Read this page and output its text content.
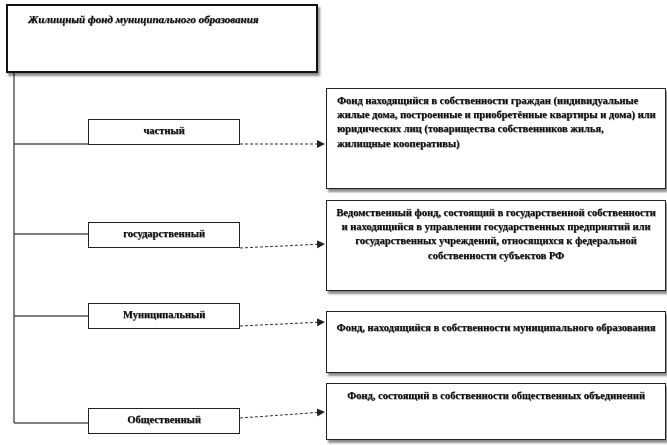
Жилищный фонд муниципального образования
частный
государственный
Муниципальный
Общественный
Фонд находящийся в собственности граждан (индивидуальные жилые дома, построенные и приобретённые квартиры и дома) или юридических лиц (товарищества собственников жилья, жилищные кооперативы)
Ведомственный фонд, состоящий в государственной собственности и находящийся в управлении государственных предприятий или государственных учреждений, относящихся к федеральной собственности субъектов РФ
Фонд, находящийся в собственности муниципального образования
Фонд, состоящий в собственности общественных объединений
